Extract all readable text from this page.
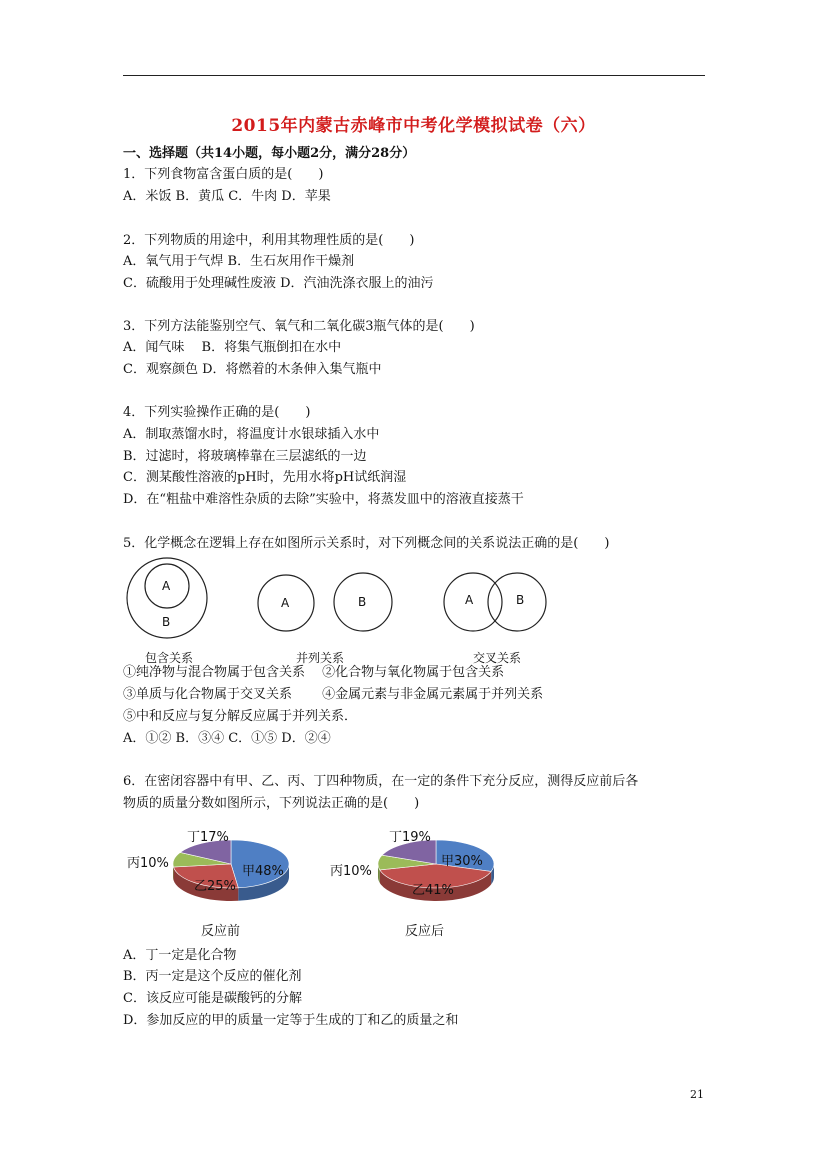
2015年内蒙古赤峰市中考化学模拟试卷（六）
一、选择题（共14小题，每小题2分，满分28分）
1．下列食物富含蛋白质的是(　　)
A．米饭 B．黄瓜 C．牛肉 D．苹果
2．下列物质的用途中，利用其物理性质的是(　　)
A．氧气用于气焊 B．生石灰用作干燥剂
C．硫酸用于处理碱性废液 D．汽油洗涤衣服上的油污
3．下列方法能鉴别空气、氧气和二氧化碳3瓶气体的是(　　)
A．闻气味　 B．将集气瓶倒扣在水中
C．观察颜色 D．将燃着的木条伸入集气瓶中
4．下列实验操作正确的是(　　)
A．制取蒸馏水时，将温度计水银球插入水中
B．过滤时，将玻璃棒靠在三层滤纸的一边
C．测某酸性溶液的pH时，先用水将pH试纸润湿
D．在“粗盐中难溶性杂质的去除”实验中，将蒸发皿中的溶液直接蒸干
5．化学概念在逻辑上存在如图所示关系时，对下列概念间的关系说法正确的是(　　)
A
B
A	B	A	B
包含关系	并列关系	交叉关系
①纯净物与混合物属于包含关系　 ②化合物与氧化物属于包含关系
③单质与化合物属于交叉关系　　 ④金属元素与非金属元素属于并列关系
⑤中和反应与复分解反应属于并列关系．
A．①② B．③④ C．①⑤ D．②④
6．在密闭容器中有甲、乙、丙、丁四种物质，在一定的条件下充分反应，测得反应前后各
物质的质量分数如图所示，下列说法正确的是(　　)
丁17%
丙10%
甲48%
乙25%
反应前
丁19%
丙10%
甲30%
乙41%
反应后
A．丁一定是化合物
B．丙一定是这个反应的催化剂
C．该反应可能是碳酸钙的分解
D．参加反应的甲的质量一定等于生成的丁和乙的质量之和
21
